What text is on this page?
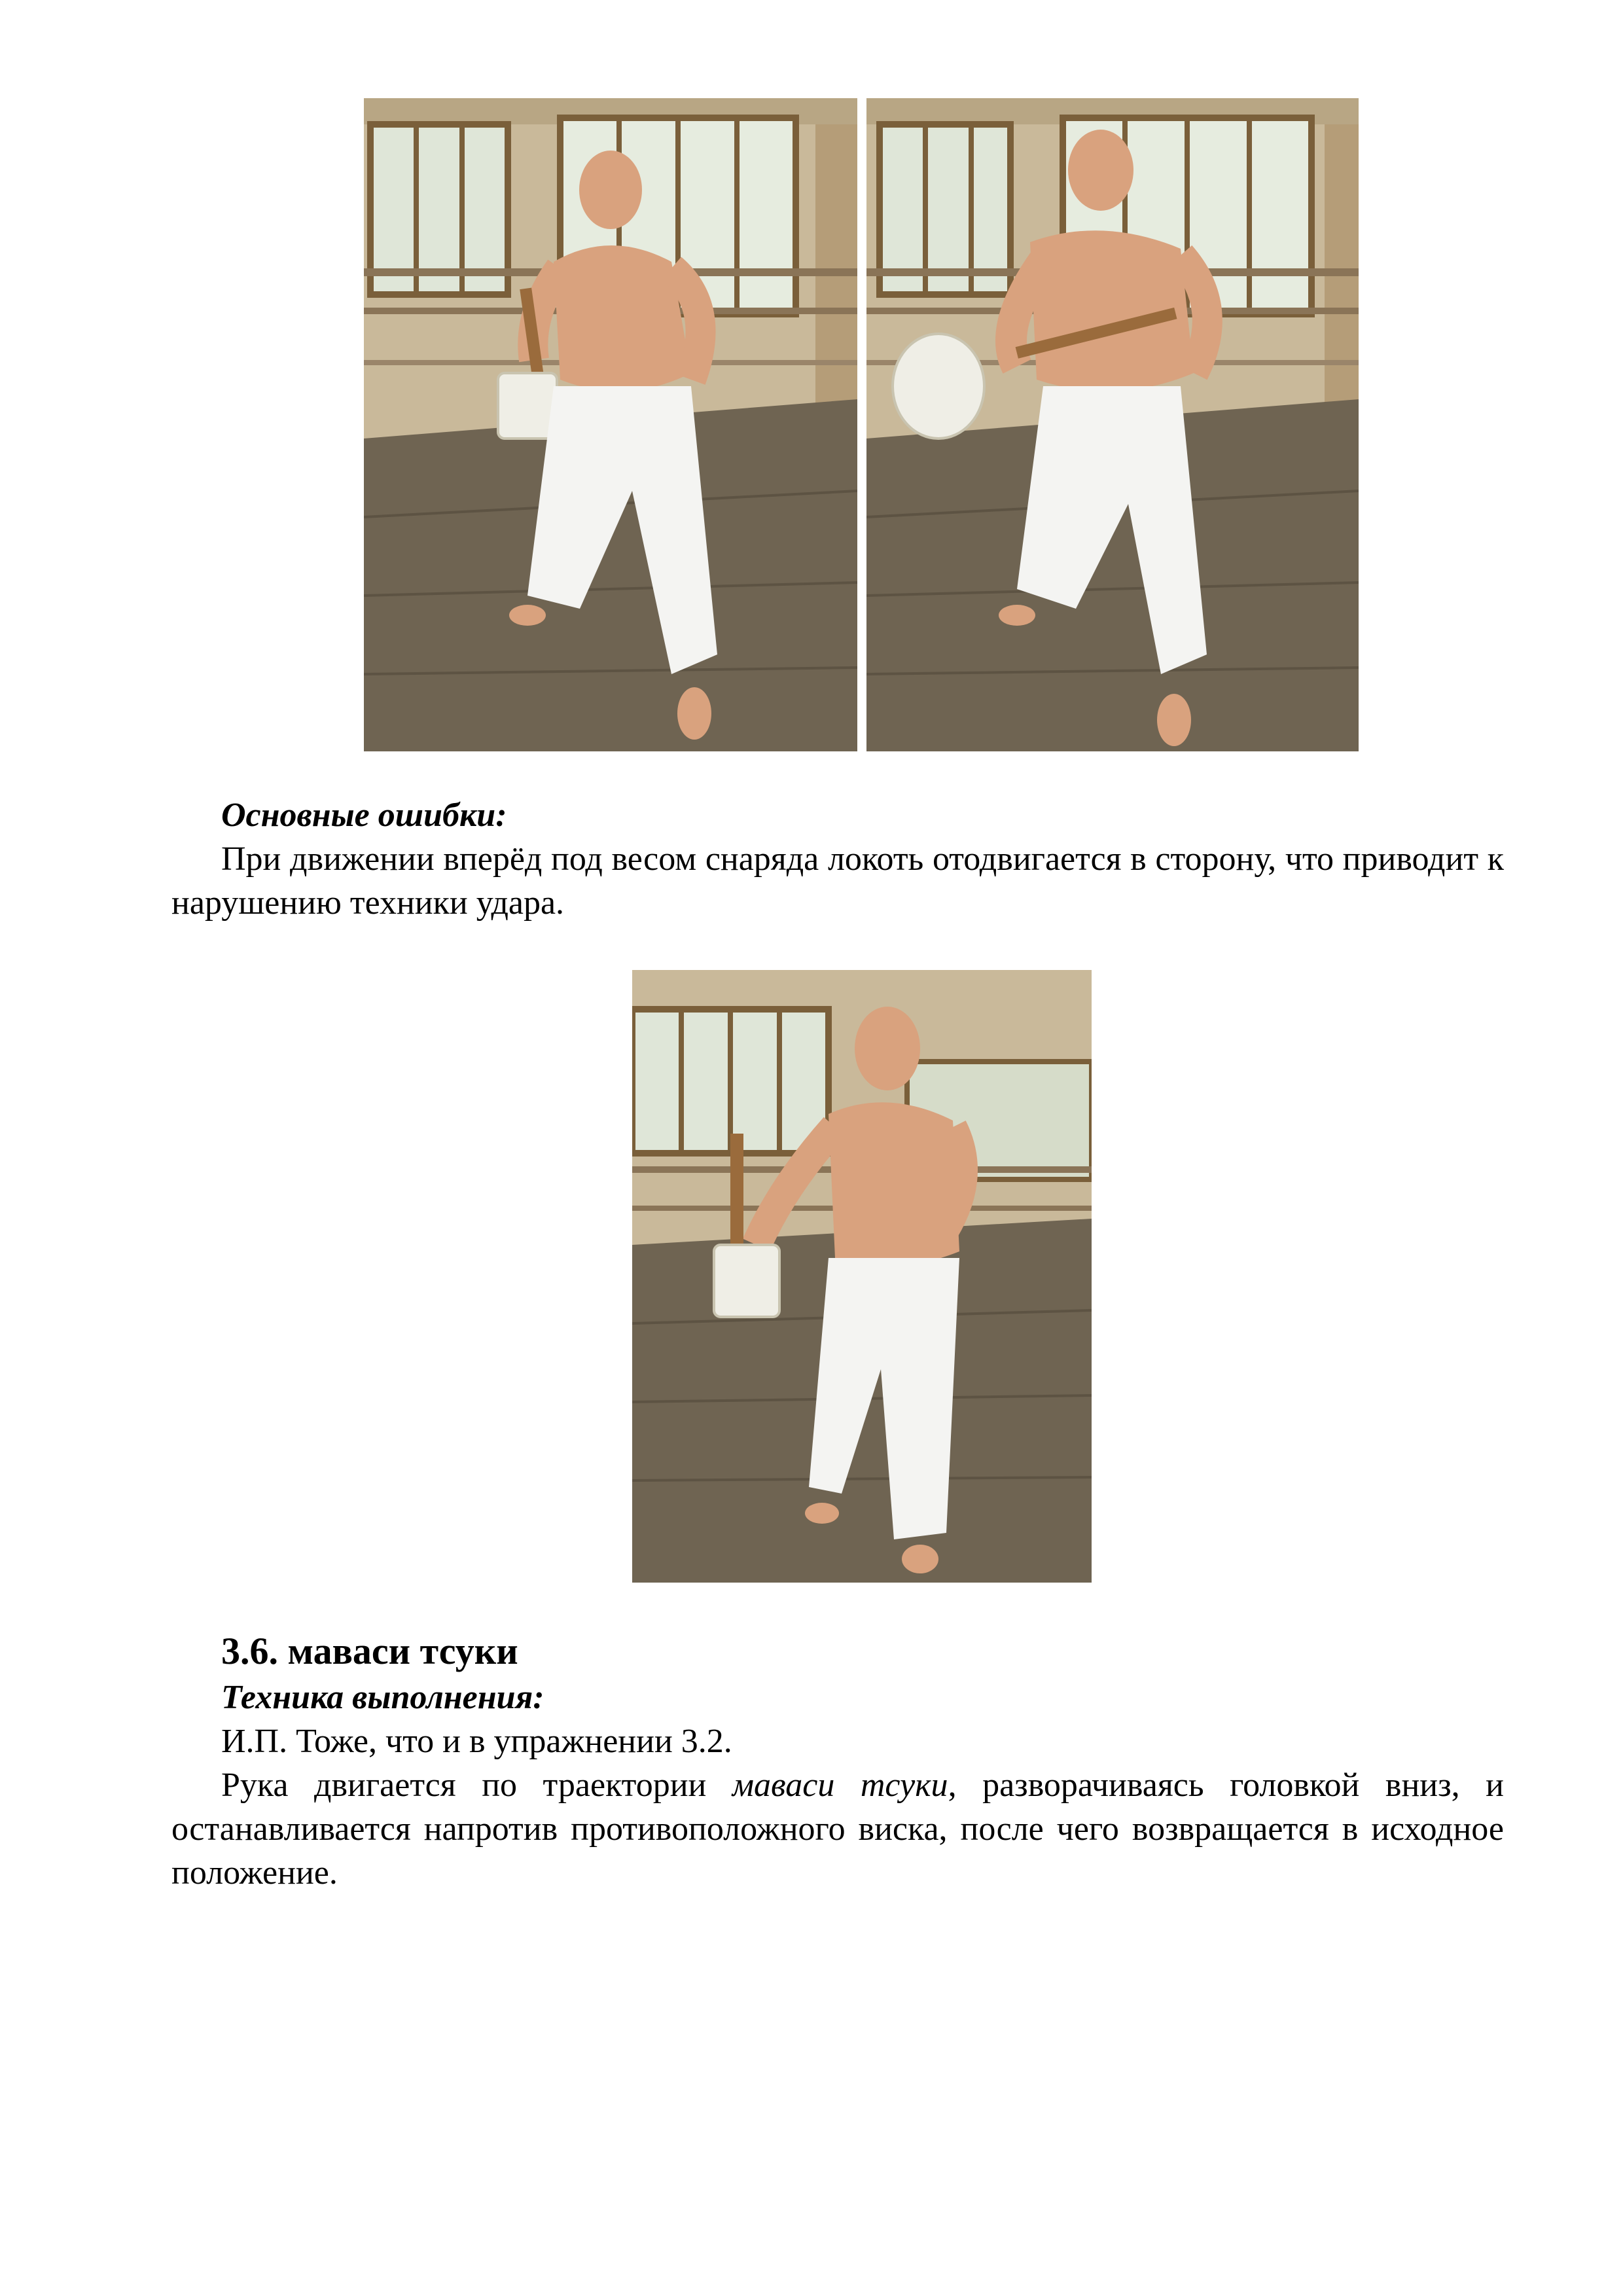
Основные ошибки:

При движении вперёд под весом снаряда локоть отодвигается в сторону, что приводит к нарушению техники удара.

3.6. маваси тсуки

Техника выполнения:

И.П. Тоже, что и в упражнении 3.2.

Рука двигается по траектории маваси тсуки, разворачиваясь головкой вниз, и останавливается напротив противоположного виска, после чего возвращается в исходное положение.
